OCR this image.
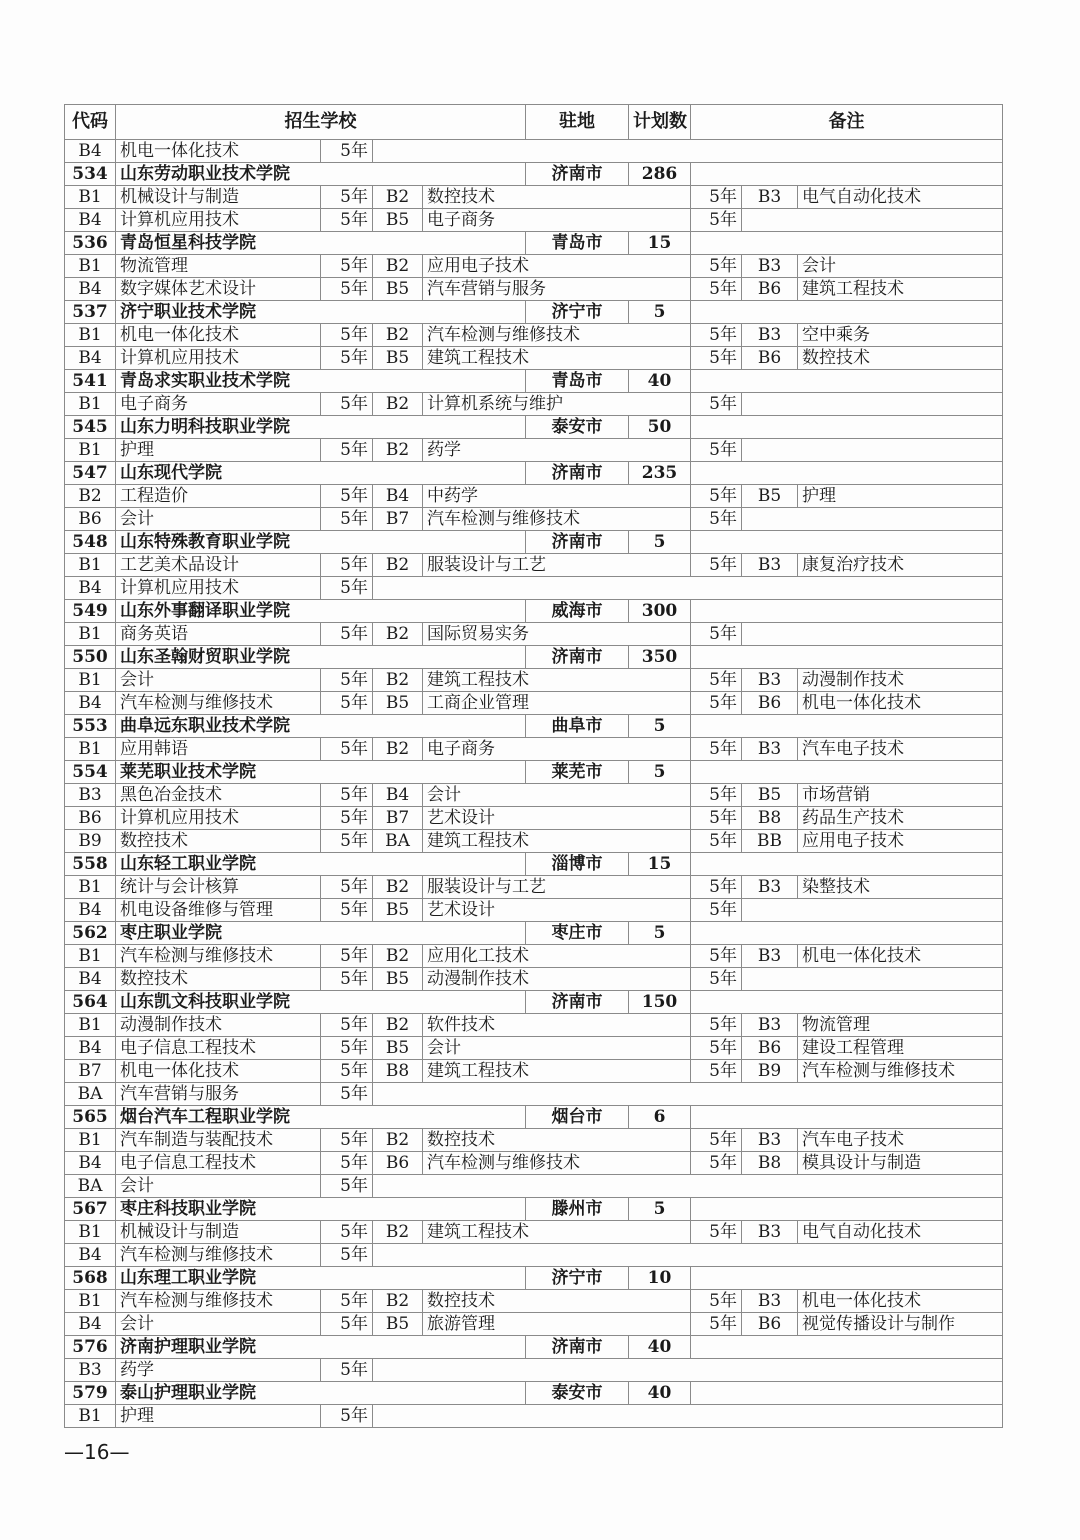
代码	招生学校				驻地	计划数	备注			
B4	机电一体化技术	5年								
534	山东劳动职业技术学院				济南市	286				
B1	机械设计与制造	5年	B2	数控技术			5年	B3	电气自动化技术	
B4	计算机应用技术	5年	B5	电子商务			5年			
536	青岛恒星科技学院				青岛市	15				
B1	物流管理	5年	B2	应用电子技术			5年	B3	会计	
B4	数字媒体艺术设计	5年	B5	汽车营销与服务			5年	B6	建筑工程技术	
537	济宁职业技术学院				济宁市	5				
B1	机电一体化技术	5年	B2	汽车检测与维修技术			5年	B3	空中乘务	
B4	计算机应用技术	5年	B5	建筑工程技术			5年	B6	数控技术	
541	青岛求实职业技术学院				青岛市	40				
B1	电子商务	5年	B2	计算机系统与维护			5年			
545	山东力明科技职业学院				泰安市	50				
B1	护理	5年	B2	药学			5年			
547	山东现代学院				济南市	235				
B2	工程造价	5年	B4	中药学			5年	B5	护理	
B6	会计	5年	B7	汽车检测与维修技术			5年			
548	山东特殊教育职业学院				济南市	5				
B1	工艺美术品设计	5年	B2	服装设计与工艺			5年	B3	康复治疗技术	
B4	计算机应用技术	5年								
549	山东外事翻译职业学院				威海市	300				
B1	商务英语	5年	B2	国际贸易实务			5年			
550	山东圣翰财贸职业学院				济南市	350				
B1	会计	5年	B2	建筑工程技术			5年	B3	动漫制作技术	
B4	汽车检测与维修技术	5年	B5	工商企业管理			5年	B6	机电一体化技术	
553	曲阜远东职业技术学院				曲阜市	5				
B1	应用韩语	5年	B2	电子商务			5年	B3	汽车电子技术	
554	莱芜职业技术学院				莱芜市	5				
B3	黑色冶金技术	5年	B4	会计			5年	B5	市场营销	
B6	计算机应用技术	5年	B7	艺术设计			5年	B8	药品生产技术	
B9	数控技术	5年	BA	建筑工程技术			5年	BB	应用电子技术	
558	山东轻工职业学院				淄博市	15				
B1	统计与会计核算	5年	B2	服装设计与工艺			5年	B3	染整技术	
B4	机电设备维修与管理	5年	B5	艺术设计			5年			
562	枣庄职业学院				枣庄市	5				
B1	汽车检测与维修技术	5年	B2	应用化工技术			5年	B3	机电一体化技术	
B4	数控技术	5年	B5	动漫制作技术			5年			
564	山东凯文科技职业学院				济南市	150				
B1	动漫制作技术	5年	B2	软件技术			5年	B3	物流管理	
B4	电子信息工程技术	5年	B5	会计			5年	B6	建设工程管理	
B7	机电一体化技术	5年	B8	建筑工程技术			5年	B9	汽车检测与维修技术	
BA	汽车营销与服务	5年								
565	烟台汽车工程职业学院				烟台市	6				
B1	汽车制造与装配技术	5年	B2	数控技术			5年	B3	汽车电子技术	
B4	电子信息工程技术	5年	B6	汽车检测与维修技术			5年	B8	模具设计与制造	
BA	会计	5年								
567	枣庄科技职业学院				滕州市	5				
B1	机械设计与制造	5年	B2	建筑工程技术			5年	B3	电气自动化技术	
B4	汽车检测与维修技术	5年								
568	山东理工职业学院				济宁市	10				
B1	汽车检测与维修技术	5年	B2	数控技术			5年	B3	机电一体化技术	
B4	会计	5年	B5	旅游管理			5年	B6	视觉传播设计与制作	
576	济南护理职业学院				济南市	40				
B3	药学	5年								
579	泰山护理职业学院				泰安市	40				
B1	护理	5年								
—16—
